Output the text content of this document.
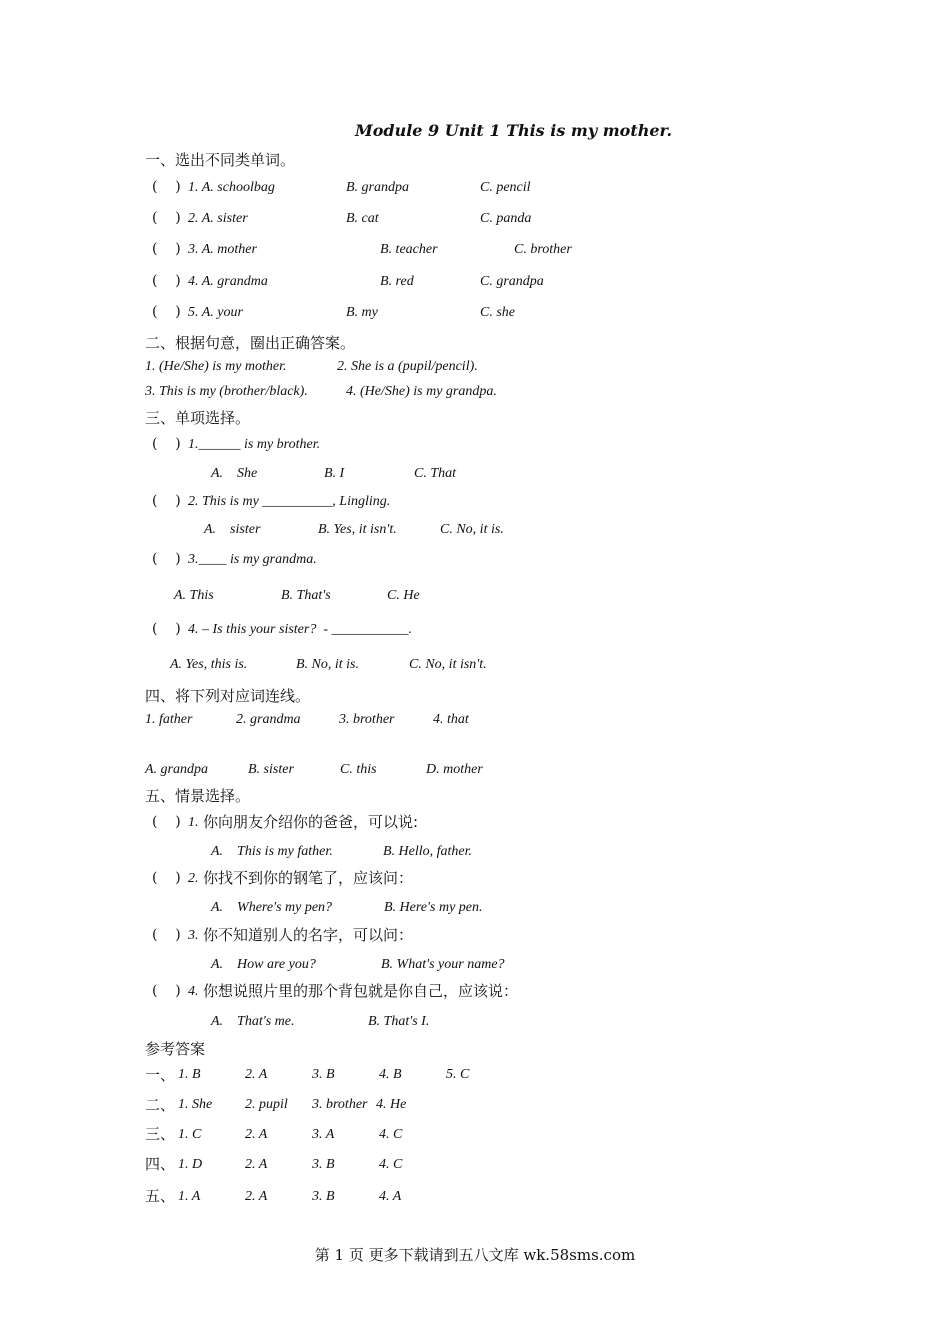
Module 9 Unit 1 This is my mother.
一、选出不同类单词。
(    ) 1. A. schoolbag	B. grandpa	C. pencil
(    ) 2. A. sister	B. cat	C. panda
(    ) 3. A. mother	B. teacher	C. brother
(    ) 4. A. grandma	B. red	C. grandpa
(    ) 5. A. your	B. my	C. she
二、根据句意，圈出正确答案。
1. (He/She) is my mother.	2. She is a (pupil/pencil).
3. This is my (brother/black).	4. (He/She) is my grandpa.
三、单项选择。
(    ) 1.______ is my brother.
A.    She	B. I	C. That
(    ) 2. This is my __________, Lingling.
A.    sister	B. Yes, it isn't.	C. No, it is.
(    ) 3.____ is my grandma.
A. This	B. That's	C. He
(    ) 4. – Is this your sister?  - ___________.
A. Yes, this is.	B. No, it is.	C. No, it isn't.
四、将下列对应词连线。
1. father	2. grandma	3. brother	4. that
A. grandpa	B. sister	C. this	D. mother
五、情景选择。
(    ) 1. 你向朋友介绍你的爸爸，可以说:
A.    This is my father.	B. Hello, father.
(    ) 2. 你找不到你的钢笔了，应该问：
A.    Where's my pen?	B. Here's my pen.
(    ) 3. 你不知道别人的名字，可以问：
A.    How are you?	B. What's your name?
(    ) 4. 你想说照片里的那个背包就是你自己，应该说：
A.    That's me.	B. That's I.
参考答案
一、 1. B	2. A	3. B	4. B	5. C
二、 1. She 2. pupil 3. brother 4. He
三、 1. C	2. A	3. A	4. C
四、 1. D	2. A	3. B	4. C
五、 1. A	2. A	3. B	4. A
第 1 页 更多下载请到五八文库 wk.58sms.com
